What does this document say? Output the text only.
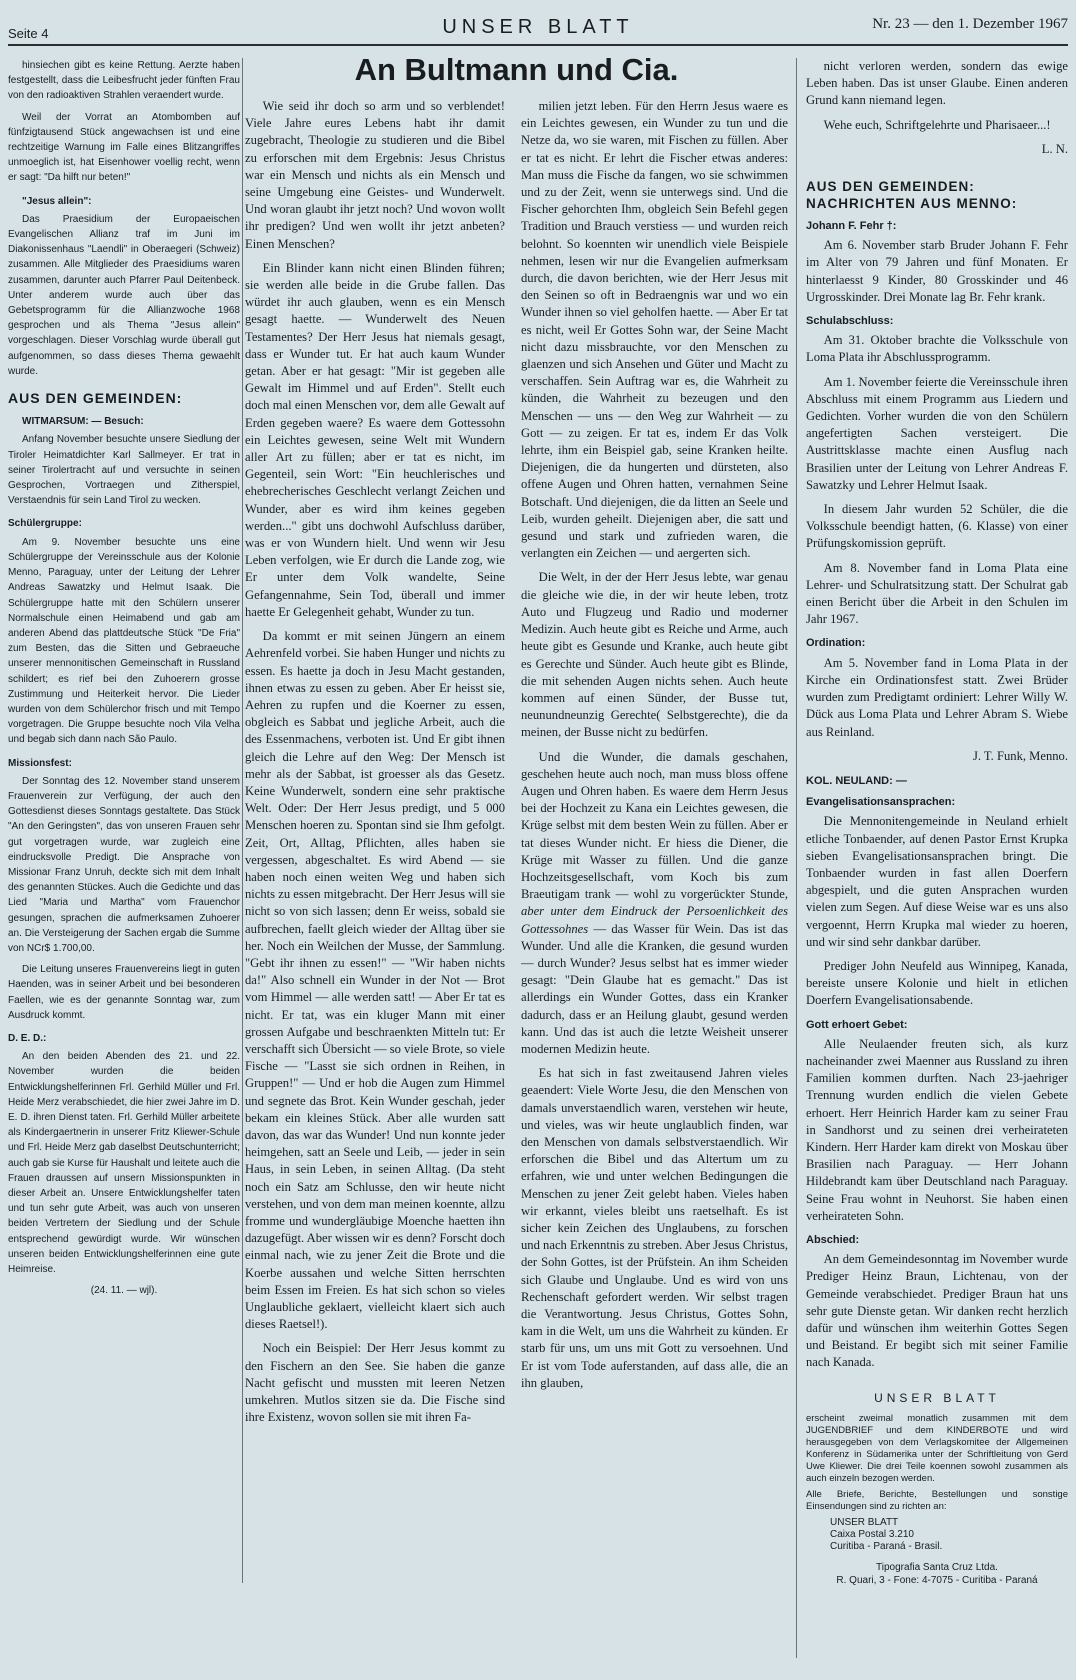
Seite 4	UNSER BLATT	Nr. 23 — den 1. Dezember 1967

hinsiechen gibt es keine Rettung. Aerzte haben festgestellt, dass die Leibesfrucht jeder fünften Frau von den radioaktiven Strahlen veraendert wurde.

Weil der Vorrat an Atombomben auf fünfzigtausend Stück angewachsen ist und eine rechtzeitige Warnung im Falle eines Blitzangriffes unmoeglich ist, hat Eisenhower voellig recht, wenn er sagt: "Da hilft nur beten!"

"Jesus allein":

Das Praesidium der Europaeischen Evangelischen Allianz traf im Juni im Diakonissenhaus "Laendli" in Oberaegeri (Schweiz) zusammen. Alle Mitglieder des Praesidiums waren zusammen, darunter auch Pfarrer Paul Deitenbeck. Unter anderem wurde auch über das Gebetsprogramm für die Allianzwoche 1968 gesprochen und als Thema "Jesus allein" vorgeschlagen. Dieser Vorschlag wurde überall gut aufgenommen, so dass dieses Thema gewaehlt wurde.

AUS DEN GEMEINDEN:
WITMARSUM: — Besuch:

Anfang November besuchte unsere Siedlung der Tiroler Heimatdichter Karl Sallmeyer. Er trat in seiner Tirolertracht auf und versuchte in seinen Gesprochen, Vortraegen und Zitherspiel, Verstaendnis für sein Land Tirol zu wecken.

Schülergruppe:

Am 9. November besuchte uns eine Schülergruppe der Vereinsschule aus der Kolonie Menno, Paraguay, unter der Leitung der Lehrer Andreas Sawatzky und Helmut Isaak. Die Schülergruppe hatte mit den Schülern unserer Normalschule einen Heimabend und gab am anderen Abend das plattdeutsche Stück "De Fria" zum Besten, das die Sitten und Gebraeuche unserer mennonitischen Gemeinschaft in Russland schildert; es rief bei den Zuhoerern grosse Zustimmung und Heiterkeit hervor. Die Lieder wurden von dem Schülerchor frisch und mit Tempo vorgetragen. Die Gruppe besuchte noch Vila Velha und begab sich dann nach São Paulo.

Missionsfest:

Der Sonntag des 12. November stand unserem Frauenverein zur Verfügung, der auch den Gottesdienst dieses Sonntags gestaltete. Das Stück "An den Geringsten", das von unseren Frauen sehr gut vorgetragen wurde, war zugleich eine eindrucksvolle Predigt. Die Ansprache von Missionar Franz Unruh, deckte sich mit dem Inhalt des genannten Stückes. Auch die Gedichte und das Lied "Maria und Martha" vom Frauenchor gesungen, sprachen die aufmerksamen Zuhoerer an. Die Versteigerung der Sachen ergab die Summe von NCr$ 1.700,00.

Die Leitung unseres Frauenvereins liegt in guten Haenden, was in seiner Arbeit und bei besonderen Faellen, wie es der genannte Sonntag war, zum Ausdruck kommt.

D. E. D.:

An den beiden Abenden des 21. und 22. November wurden die beiden Entwicklungshelferinnen Frl. Gerhild Müller und Frl. Heide Merz verabschiedet, die hier zwei Jahre im D. E. D. ihren Dienst taten. Frl. Gerhild Müller arbeitete als Kindergaertnerin in unserer Fritz Kliewer-Schule und Frl. Heide Merz gab daselbst Deutschunterricht; auch gab sie Kurse für Haushalt und leitete auch die Frauen draussen auf unsern Missionspunkten in dieser Arbeit an. Unsere Entwicklungshelfer taten und tun sehr gute Arbeit, was auch von unseren beiden Vertretern der Siedlung und der Schule entsprechend gewürdigt wurde. Wir wünschen unseren beiden Entwicklungshelferinnen eine gute Heimreise.

(24. 11. — wjl).
An Bultmann und Cia.

Wie seid ihr doch so arm und so verblendet! Viele Jahre eures Lebens habt ihr damit zugebracht, Theologie zu studieren und die Bibel zu erforschen mit dem Ergebnis: Jesus Christus war ein Mensch und nichts als ein Mensch und seine Umgebung eine Geistes- und Wunderwelt. Und woran glaubt ihr jetzt noch? Und wovon wollt ihr predigen? Und wen wollt ihr jetzt anbeten? Einen Menschen?

Ein Blinder kann nicht einen Blinden führen; sie werden alle beide in die Grube fallen. Das würdet ihr auch glauben, wenn es ein Mensch gesagt haette. — Wunderwelt des Neuen Testamentes? Der Herr Jesus hat niemals gesagt, dass er Wunder tut. Er hat auch kaum Wunder getan. Aber er hat gesagt: "Mir ist gegeben alle Gewalt im Himmel und auf Erden". Stellt euch doch mal einen Menschen vor, dem alle Gewalt auf Erden gegeben waere? Es waere dem Gottessohn ein Leichtes gewesen, seine Welt mit Wundern aller Art zu füllen; aber er tat es nicht, im Gegenteil, sein Wort: "Ein heuchlerisches und ehebrecherisches Geschlecht verlangt Zeichen und Wunder, aber es wird ihm keines gegeben werden..." gibt uns dochwohl Aufschluss darüber, was er von Wundern hielt. Und wenn wir Jesu Leben verfolgen, wie Er durch die Lande zog, wie Er unter dem Volk wandelte, Seine Gefangennahme, Sein Tod, überall und immer haette Er Gelegenheit gehabt, Wunder zu tun.

Da kommt er mit seinen Jüngern an einem Aehrenfeld vorbei. Sie haben Hunger und nichts zu essen. Es haette ja doch in Jesu Macht gestanden, ihnen etwas zu essen zu geben. Aber Er heisst sie, Aehren zu rupfen und die Koerner zu essen, obgleich es Sabbat und jegliche Arbeit, auch die des Essenmachens, verboten ist. Und Er gibt ihnen gleich die Lehre auf den Weg: Der Mensch ist mehr als der Sabbat, ist groesser als das Gesetz. Keine Wunderwelt, sondern eine sehr praktische Welt. Oder: Der Herr Jesus predigt, und 5 000 Menschen hoeren zu. Spontan sind sie Ihm gefolgt. Zeit, Ort, Alltag, Pflichten, alles haben sie vergessen, abgeschaltet. Es wird Abend — sie haben noch einen weiten Weg und haben sich nichts zu essen mitgebracht. Der Herr Jesus will sie nicht so von sich lassen; denn Er weiss, sobald sie aufbrechen, faellt gleich wieder der Alltag über sie her. Noch ein Weilchen der Musse, der Sammlung. "Gebt ihr ihnen zu essen!" — "Wir haben nichts da!" Also schnell ein Wunder in der Not — Brot vom Himmel — alle werden satt! — Aber Er tat es nicht. Er tat, was ein kluger Mann mit einer grossen Aufgabe und beschraenkten Mitteln tut: Er verschafft sich Übersicht — so viele Brote, so viele Fische — "Lasst sie sich ordnen in Reihen, in Gruppen!" — Und er hob die Augen zum Himmel und segnete das Brot. Kein Wunder geschah, jeder bekam ein kleines Stück. Aber alle wurden satt davon, das war das Wunder! Und nun konnte jeder heimgehen, satt an Seele und Leib, — jeder in sein Haus, in sein Leben, in seinen Alltag. (Da steht noch ein Satz am Schlusse, den wir heute nicht verstehen, und von dem man meinen koennte, allzu fromme und wundergläubige Moenche haetten ihn dazugefügt. Aber wissen wir es denn? Forscht doch einmal nach, wie zu jener Zeit die Brote und die Koerbe aussahen und welche Sitten herrschten beim Essen im Freien. Es hat sich schon so vieles Unglaubliche geklaert, vielleicht klaert sich auch dieses Raetsel!).

Noch ein Beispiel: Der Herr Jesus kommt zu den Fischern an den See. Sie haben die ganze Nacht gefischt und mussten mit leeren Netzen umkehren. Mutlos sitzen sie da. Die Fische sind ihre Existenz, wovon sollen sie mit ihren Fa-

milien jetzt leben. Für den Herrn Jesus waere es ein Leichtes gewesen, ein Wunder zu tun und die Netze da, wo sie waren, mit Fischen zu füllen. Aber er tat es nicht. Er lehrt die Fischer etwas anderes: Man muss die Fische da fangen, wo sie schwimmen und zu der Zeit, wenn sie unterwegs sind. Und die Fischer gehorchten Ihm, obgleich Sein Befehl gegen Tradition und Brauch verstiess — und wurden reich belohnt. So koennten wir unendlich viele Beispiele nehmen, lesen wir nur die Evangelien aufmerksam durch, die davon berichten, wie der Herr Jesus mit den Seinen so oft in Bedraengnis war und wo ein Wunder ihnen so viel geholfen haette. — Aber Er tat es nicht, weil Er Gottes Sohn war, der Seine Macht nicht dazu missbrauchte, vor den Menschen zu glaenzen und sich Ansehen und Güter und Macht zu verschaffen. Sein Auftrag war es, die Wahrheit zu künden, die Wahrheit zu bezeugen und den Menschen — uns — den Weg zur Wahrheit — zu Gott — zu zeigen. Er tat es, indem Er das Volk lehrte, ihm ein Beispiel gab, seine Kranken heilte. Diejenigen, die da hungerten und dürsteten, also offene Augen und Ohren hatten, vernahmen Seine Botschaft. Und diejenigen, die da litten an Seele und Leib, wurden geheilt. Diejenigen aber, die satt und gesund und stark und zufrieden waren, die verlangten ein Zeichen — und aergerten sich.

Die Welt, in der der Herr Jesus lebte, war genau die gleiche wie die, in der wir heute leben, trotz Auto und Flugzeug und Radio und moderner Medizin. Auch heute gibt es Reiche und Arme, auch heute gibt es Gesunde und Kranke, auch heute gibt es Gerechte und Sünder. Auch heute gibt es Blinde, die mit sehenden Augen nichts sehen. Auch heute kommen auf einen Sünder, der Busse tut, neunundneunzig Gerechte( Selbstgerechte), die da meinen, der Busse nicht zu bedürfen.

Und die Wunder, die damals geschahen, geschehen heute auch noch, man muss bloss offene Augen und Ohren haben. Es waere dem Herrn Jesus bei der Hochzeit zu Kana ein Leichtes gewesen, die Krüge selbst mit dem besten Wein zu füllen. Aber er tat dieses Wunder nicht. Er hiess die Diener, die Krüge mit Wasser zu füllen. Und die ganze Hochzeitsgesellschaft, vom Koch bis zum Braeutigam trank — wohl zu vorgerückter Stunde, aber unter dem Eindruck der Persoenlichkeit des Gottessohnes — das Wasser für Wein. Das ist das Wunder. Und alle die Kranken, die gesund wurden — durch Wunder? Jesus selbst hat es immer wieder gesagt: "Dein Glaube hat es gemacht." Das ist allerdings ein Wunder Gottes, dass ein Kranker dadurch, dass er an Heilung glaubt, gesund werden kann. Und das ist auch die letzte Weisheit unserer modernen Medizin heute.

Es hat sich in fast zweitausend Jahren vieles geaendert: Viele Worte Jesu, die den Menschen von damals unverstaendlich waren, verstehen wir heute, und vieles, was wir heute unglaublich finden, war den Menschen von damals selbstverstaendlich. Wir erforschen die Bibel und das Altertum um zu erfahren, wie und unter welchen Bedingungen die Menschen zu jener Zeit gelebt haben. Vieles haben wir erkannt, vieles bleibt uns raetselhaft. Es ist sicher kein Zeichen des Unglaubens, zu forschen und nach Erkenntnis zu streben. Aber Jesus Christus, der Sohn Gottes, ist der Prüfstein. An ihm Scheiden sich Glaube und Unglaube. Und es wird von uns Rechenschaft gefordert werden. Wir selbst tragen die Verantwortung. Jesus Christus, Gottes Sohn, kam in die Welt, um uns die Wahrheit zu künden. Er starb für uns, um uns mit Gott zu versoehnen. Und Er ist vom Tode auferstanden, auf dass alle, die an ihn glauben,

nicht verloren werden, sondern das ewige Leben haben. Das ist unser Glaube. Einen anderen Grund kann niemand legen.

Wehe euch, Schriftgelehrte und Pharisaeer...!

L. N.
AUS DEN GEMEINDEN: NACHRICHTEN AUS MENNO:
Johann F. Fehr †:

Am 6. November starb Bruder Johann F. Fehr im Alter von 79 Jahren und fünf Monaten. Er hinterlaesst 9 Kinder, 80 Grosskinder und 46 Urgrosskinder. Drei Monate lag Br. Fehr krank.

Schulabschluss:

Am 31. Oktober brachte die Volksschule von Loma Plata ihr Abschlussprogramm.

Am 1. November feierte die Vereinsschule ihren Abschluss mit einem Programm aus Liedern und Gedichten. Vorher wurden die von den Schülern angefertigten Sachen versteigert. Die Austrittsklasse machte einen Ausflug nach Brasilien unter der Leitung von Lehrer Andreas F. Sawatzky und Lehrer Helmut Isaak.

In diesem Jahr wurden 52 Schüler, die die Volksschule beendigt hatten, (6. Klasse) von einer Prüfungskomission geprüft.

Am 8. November fand in Loma Plata eine Lehrer- und Schulratsitzung statt. Der Schulrat gab einen Bericht über die Arbeit in den Schulen im Jahr 1967.

Ordination:

Am 5. November fand in Loma Plata in der Kirche ein Ordinationsfest statt. Zwei Brüder wurden zum Predigtamt ordiniert: Lehrer Willy W. Dück aus Loma Plata und Lehrer Abram S. Wiebe aus Reinland.

J. T. Funk, Menno.
KOL. NEULAND: —
Evangelisationsansprachen:

Die Mennonitengemeinde in Neuland erhielt etliche Tonbaender, auf denen Pastor Ernst Krupka sieben Evangelisationsansprachen bringt. Die Tonbaender wurden in fast allen Doerfern abgespielt, und die guten Ansprachen wurden vielen zum Segen. Auf diese Weise war es uns also vergoennt, Herrn Krupka mal wieder zu hoeren, und wir sind sehr dankbar darüber.

Prediger John Neufeld aus Winnipeg, Kanada, bereiste unsere Kolonie und hielt in etlichen Doerfern Evangelisationsabende.

Gott erhoert Gebet:

Alle Neulaender freuten sich, als kurz nacheinander zwei Maenner aus Russland zu ihren Familien kommen durften. Nach 23-jaehriger Trennung wurden endlich die vielen Gebete erhoert. Herr Heinrich Harder kam zu seiner Frau in Sandhorst und zu seinen drei verheirateten Kindern. Herr Harder kam direkt von Moskau über Brasilien nach Paraguay. — Herr Johann Hildebrandt kam über Deutschland nach Paraguay. Seine Frau wohnt in Neuhorst. Sie haben einen verheirateten Sohn.

Abschied:

An dem Gemeindesonntag im November wurde Prediger Heinz Braun, Lichtenau, von der Gemeinde verabschiedet. Prediger Braun hat uns sehr gute Dienste getan. Wir danken recht herzlich dafür und wünschen ihm weiterhin Gottes Segen und Beistand. Er begibt sich mit seiner Familie nach Kanada.

UNSER BLATT

erscheint zweimal monatlich zusammen mit dem JUGENDBRIEF und dem KINDERBOTE und wird herausgegeben von dem Verlagskomitee der Allgemeinen Konferenz in Südamerika unter der Schriftleitung von Gerd Uwe Kliewer. Die drei Teile koennen sowohl zusammen als auch einzeln bezogen werden.

Alle Briefe, Berichte, Bestellungen und sonstige Einsendungen sind zu richten an:

UNSER BLATT
Caixa Postal 3.210
Curitiba - Paraná - Brasil.
Tipografia Santa Cruz Ltda.
R. Quari, 3 - Fone: 4-7075 - Curitiba - Paraná
